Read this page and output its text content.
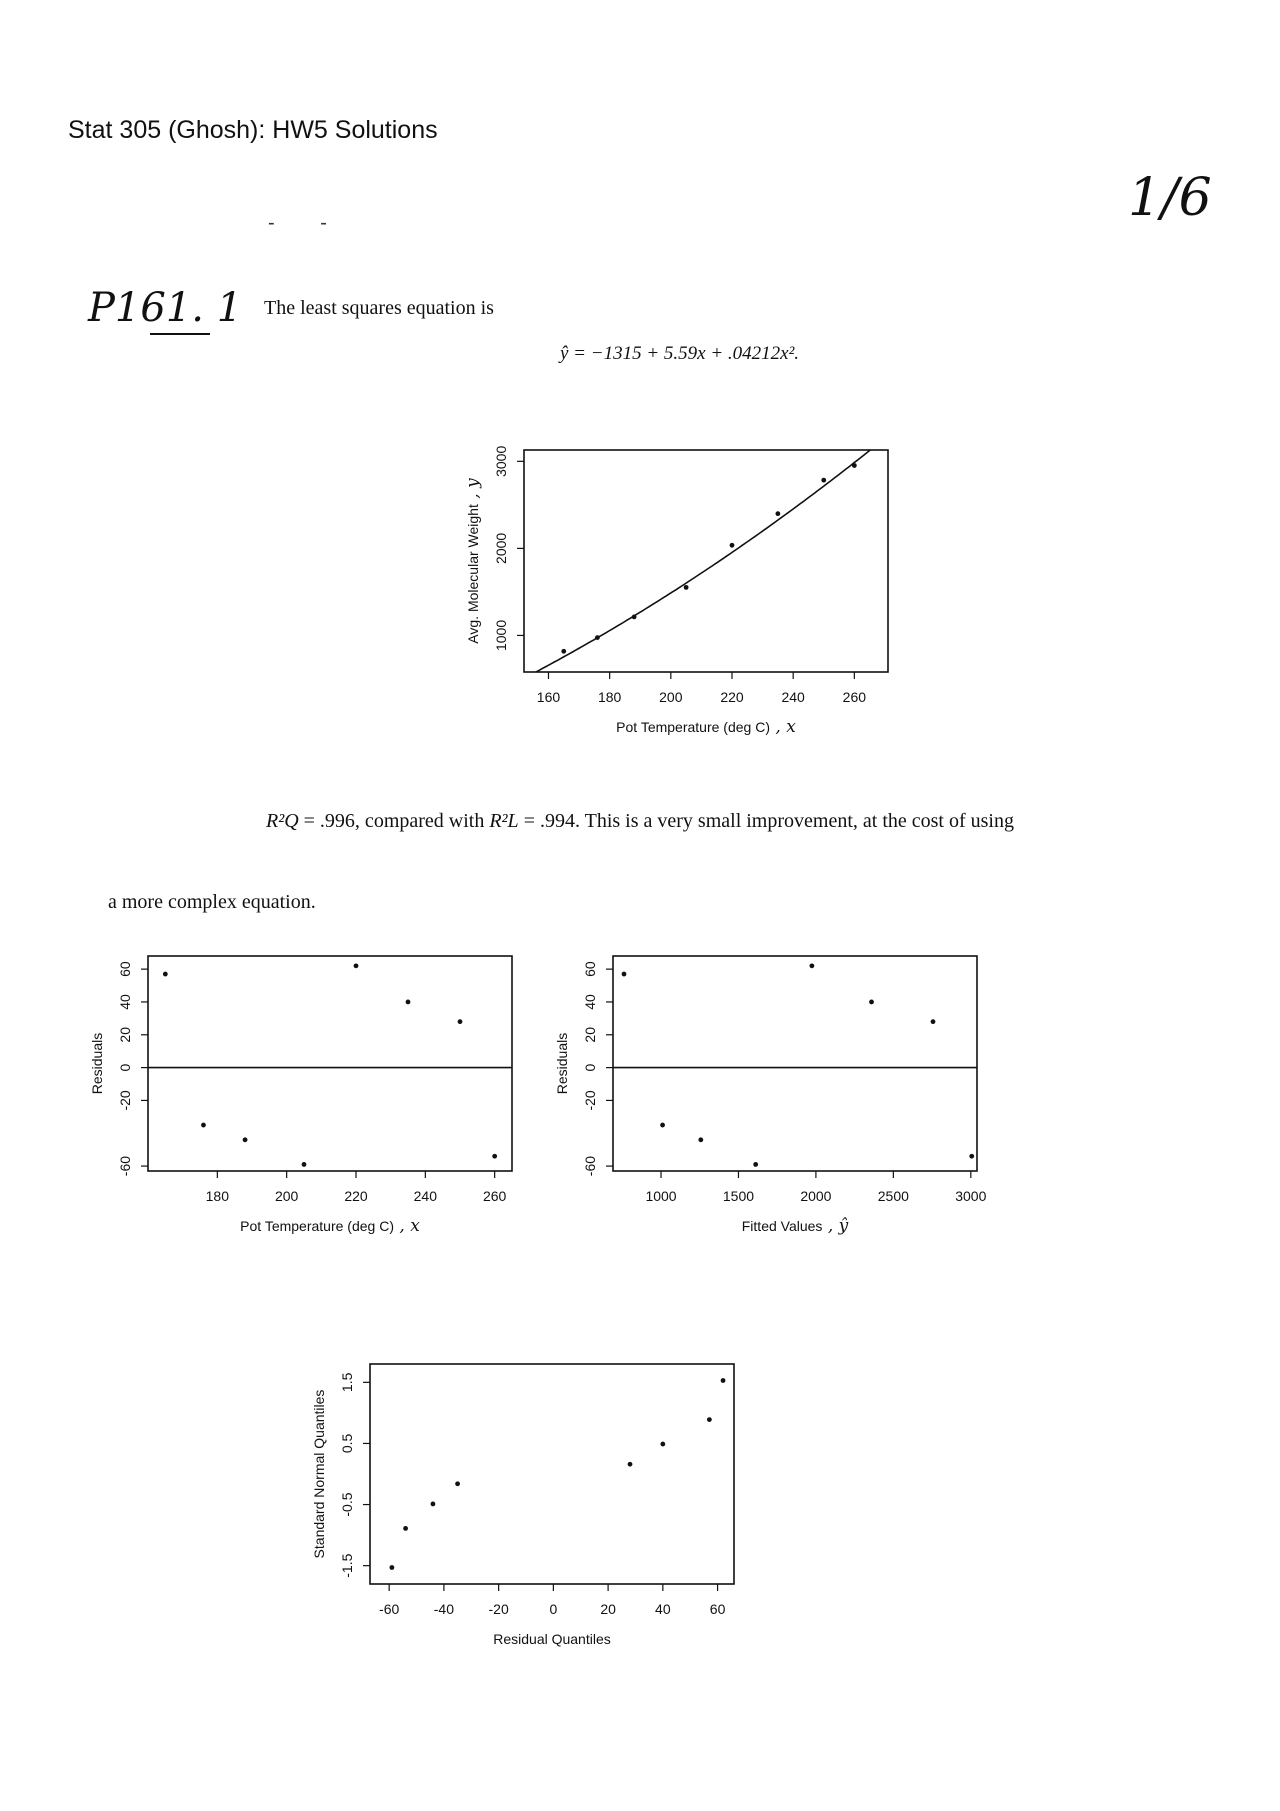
Stat 305 (Ghosh): HW5 Solutions
1/6
- -
P161. 1 The least squares equation is
ŷ = −1315 + 5.59x + .04212x².
160	180	200	220	240	260
1000
2000
3000
Pot Temperature (deg C) , x
Avg. Molecular Weight , y
180	200	220	240	260
-60
-20
0
20
40
60
Pot Temperature (deg C) , x
Residuals
1000	1500	2000	2500	3000
-60
-20
0
20
40
60
Fitted Values , ŷ
Residuals
-60 -40 -20	0	20	40	60
-1.5
-0.5
0.5
1.5
Residual Quantiles
Standard Normal Quantiles
R²Q = .996, compared with R²L = .994. This is a very small improvement, at the cost of using
a more complex equation.
